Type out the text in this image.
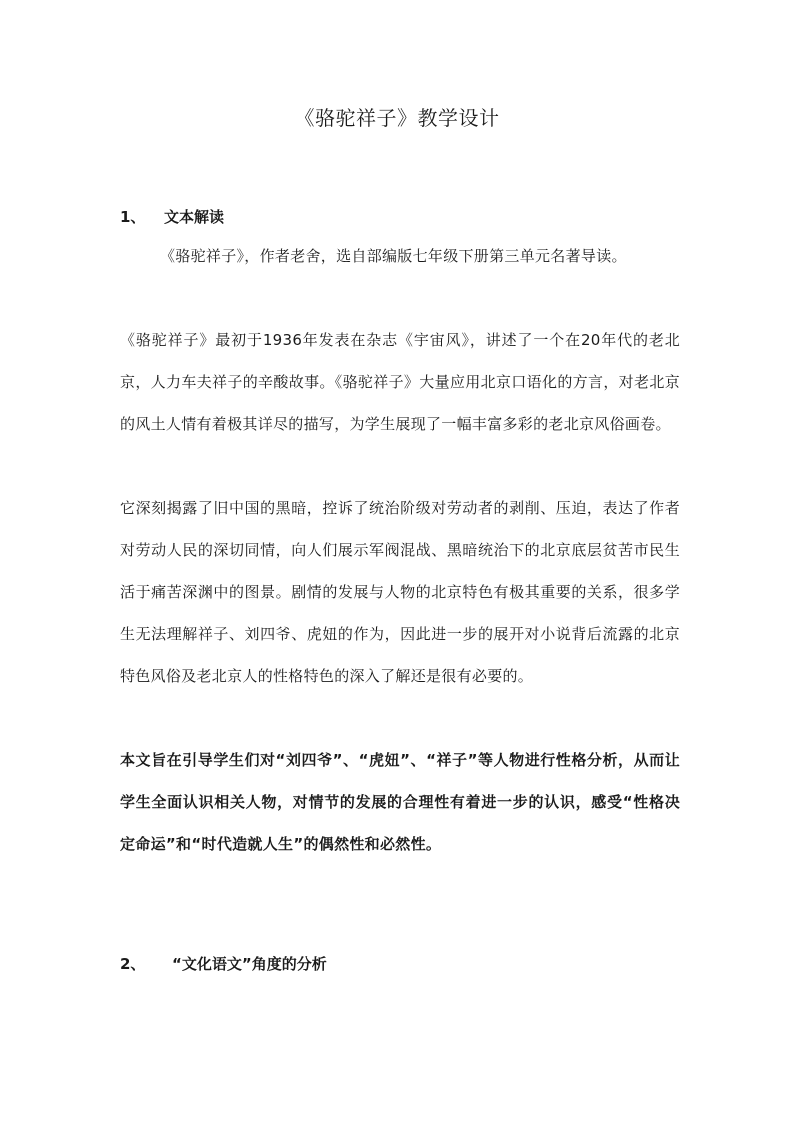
《骆驼祥子》教学设计
1、 文本解读

《骆驼祥子》，作者老舍，选自部编版七年级下册第三单元名著导读。

《骆驼祥子》最初于1936年发表在杂志《宇宙风》，讲述了一个在20年代的老北京，人力车夫祥子的辛酸故事。《骆驼祥子》大量应用北京口语化的方言，对老北京的风土人情有着极其详尽的描写，为学生展现了一幅丰富多彩的老北京风俗画卷。

它深刻揭露了旧中国的黑暗，控诉了统治阶级对劳动者的剥削、压迫，表达了作者对劳动人民的深切同情，向人们展示军阀混战、黑暗统治下的北京底层贫苦市民生活于痛苦深渊中的图景。剧情的发展与人物的北京特色有极其重要的关系，很多学生无法理解祥子、刘四爷、虎妞的作为，因此进一步的展开对小说背后流露的北京特色风俗及老北京人的性格特色的深入了解还是很有必要的。

本文旨在引导学生们对“刘四爷”、“虎妞”、“祥子”等人物进行性格分析，从而让学生全面认识相关人物，对情节的发展的合理性有着进一步的认识，感受“性格决定命运”和“时代造就人生”的偶然性和必然性。

2、 “文化语文”角度的分析
